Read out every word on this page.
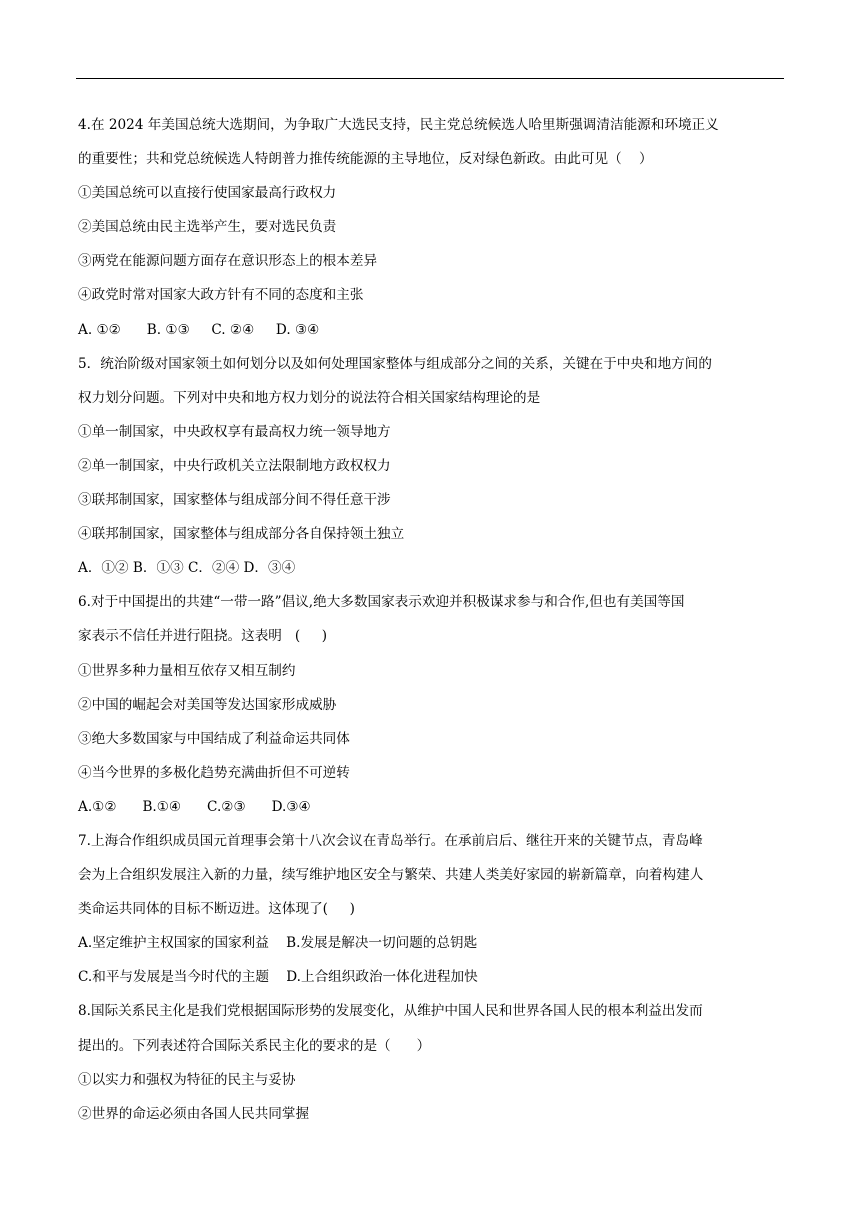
4.在 2024 年美国总统大选期间，为争取广大选民支持，民主党总统候选人哈里斯强调清洁能源和环境正义
的重要性；共和党总统候选人特朗普力推传统能源的主导地位，反对绿色新政。由此可见（    ）
①美国总统可以直接行使国家最高行政权力
②美国总统由民主选举产生，要对选民负责
③两党在能源问题方面存在意识形态上的根本差异
④政党时常对国家大政方针有不同的态度和主张
A. ①②      B. ①③     C. ②④     D. ③④
5．统治阶级对国家领土如何划分以及如何处理国家整体与组成部分之间的关系，关键在于中央和地方间的
权力划分问题。下列对中央和地方权力划分的说法符合相关国家结构理论的是
①单一制国家，中央政权享有最高权力统一领导地方
②单一制国家，中央行政机关立法限制地方政权权力
③联邦制国家，国家整体与组成部分间不得任意干涉
④联邦制国家，国家整体与组成部分各自保持领土独立
A．①② B．①③ C．②④ D．③④
6.对于中国提出的共建“一带一路”倡议,绝大多数国家表示欢迎并积极谋求参与和合作,但也有美国等国
家表示不信任并进行阻挠。这表明   (     )
①世界多种力量相互依存又相互制约
②中国的崛起会对美国等发达国家形成威胁
③绝大多数国家与中国结成了利益命运共同体
④当今世界的多极化趋势充满曲折但不可逆转
A.①②      B.①④      C.②③      D.③④
7.上海合作组织成员国元首理事会第十八次会议在青岛举行。在承前启后、继往开来的关键节点，青岛峰
会为上合组织发展注入新的力量，续写维护地区安全与繁荣、共建人类美好家园的崭新篇章，向着构建人
类命运共同体的目标不断迈进。这体现了(     )
A.坚定维护主权国家的国家利益    B.发展是解决一切问题的总钥匙
C.和平与发展是当今时代的主题    D.上合组织政治一体化进程加快
8.国际关系民主化是我们党根据国际形势的发展变化，从维护中国人民和世界各国人民的根本利益出发而
提出的。下列表述符合国际关系民主化的要求的是（      ）
①以实力和强权为特征的民主与妥协
②世界的命运必须由各国人民共同掌握
